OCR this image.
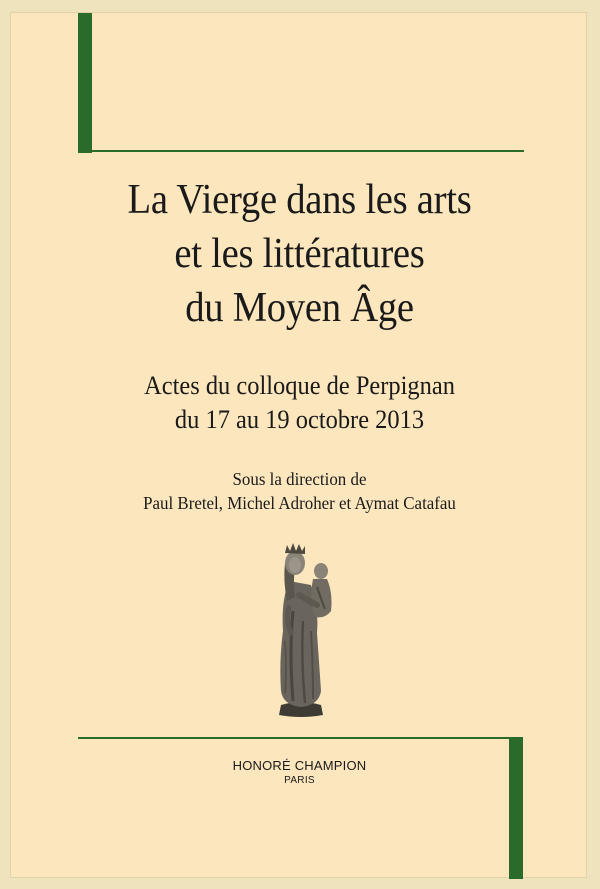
La Vierge dans les arts
et les littératures
du Moyen Âge
Actes du colloque de Perpignan
du 17 au 19 octobre 2013
Sous la direction de
Paul Bretel, Michel Adroher et Aymat Catafau
HONORÉ CHAMPION
PARIS
